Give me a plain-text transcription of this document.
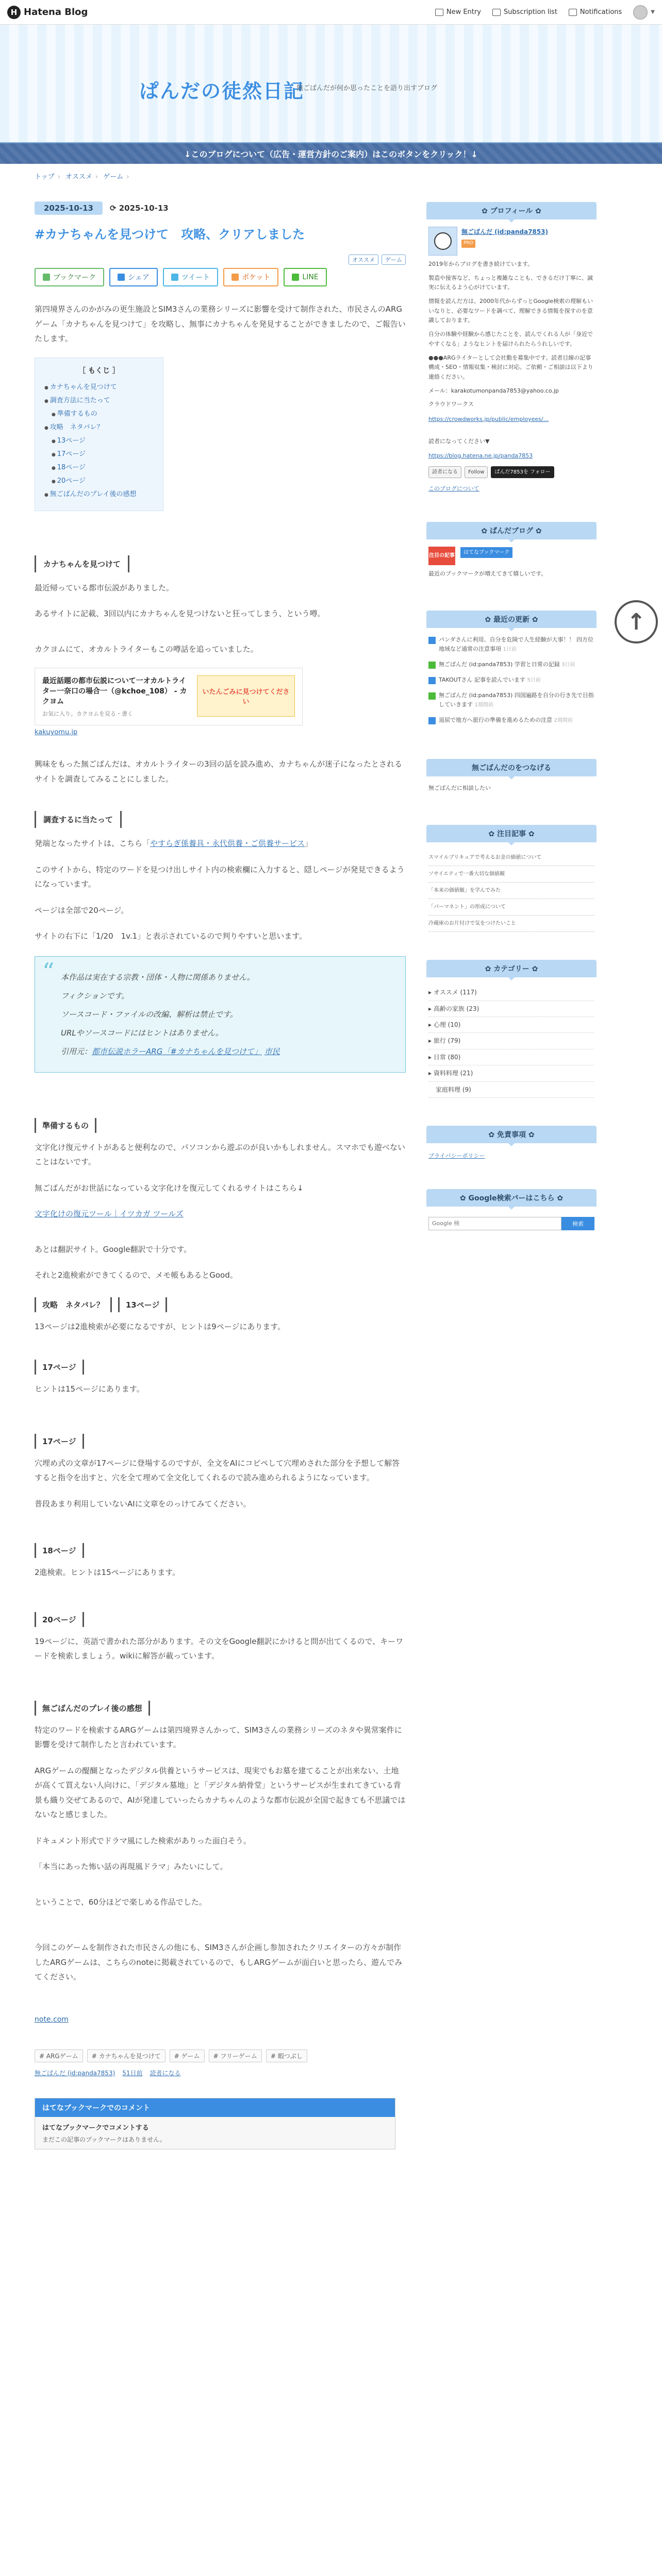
H Hatena Blog	New Entry	Subscription list	Notifications	▼
ぱんだの徒然日記
無ごばんだが何か思ったことを語り出すブログ
↓このブログについて（広告・運営方針のご案内）はこのボタンをクリック！↓
トップ › オススメ › ゲーム ›
2025-10-13	⟳ 2025-10-13
#カナちゃんを見つけて　攻略、クリアしました
オススメ	ゲーム
ブックマーク	シェア	ツイート	ポケット	LINE

第四境界さんのかがみの更生施設とSIM3さんの業務シリーズに影響を受けて制作された、市民さんのARGゲーム「カナちゃんを見つけて」を攻略し、無事にカナちゃんを発見することができましたので、ご報告いたします。

［ もくじ ］
● カナちゃんを見つけて
● 調査方法に当たって
● 準備するもの
● 攻略　ネタバレ？
● 13ページ
● 17ページ
● 18ページ
● 20ページ
● 無ごばんだのプレイ後の感想
カナちゃんを見つけて

最近帰っている都市伝説がありました。

あるサイトに記載、3回以内にカナちゃんを見つけないと狂ってしまう、という噂。

カクヨムにて、オカルトライターもこの噂話を追っていました。

最近話題の都市伝説について一オカルトライター一奈口の場合一（@kchoe_108） - カクヨム
お気に入り。カクヨムを見る・書く
いたんごみに見つけてください
kakuyomu.jp

興味をもった無ごばんだは、オカルトライターの3回の話を読み進め、カナちゃんが迷子になったとされるサイトを調査してみることにしました。

調査するに当たって

発端となったサイトは、こちら「やすらぎ係養具・永代供養・ご供養サービス」

このサイトから、特定のワードを見つけ出しサイト内の検索欄に入力すると、隠しページが発見できるようになっています。

ページは全部で20ページ。

サイトの右下に「1/20　1v.1」と表示されているので判りやすいと思います。

“ 本作品は実在する宗教・団体・人物に関係ありません。

フィクションです。

ソースコード・ファイルの改編、解析は禁止です。

URLやソースコードにはヒントはありません。

引用元：都市伝説ホラーARG「#カナちゃんを見つけて」 市民

準備するもの

文字化け復元サイトがあると便利なので、パソコンから遊ぶのが良いかもしれません。スマホでも遊べないことはないです。

無ごばんだがお世話になっている文字化けを復元してくれるサイトはこちら↓

文字化けの復元ツール｜イツカガ ツールズ

あとは翻訳サイト。Google翻訳で十分です。

それと2進検索ができてくるので、メモ帳もあるとGood。

攻略　ネタバレ？	13ページ

13ページは2進検索が必要になるですが、ヒントは9ページにあります。

17ページ

ヒントは15ページにあります。

17ページ

穴埋め式の文章が17ページに登場するのですが、全文をAIにコピペして穴埋めされた部分を予想して解答すると指令を出すと、穴を全て埋めて全文化してくれるので読み進められるようになっています。

普段あまり利用していないAIに文章をのっけてみてください。

18ページ

2進検索。ヒントは15ページにあります。

20ページ

19ページに、英語で書かれた部分があります。その文をGoogle翻訳にかけると問が出てくるので、キーワードを検索しましょう。wikiに解答が載っています。

無ごばんだのプレイ後の感想

特定のワードを検索するARGゲームは第四境界さんかって、SIM3さんの業務シリーズのネタや異常案件に影響を受けて制作したと言われています。

ARGゲームの醍醐となったデジタル供養というサービスは、現実でもお墓を建てることが出来ない、土地が高くて買えない人向けに、「デジタル墓地」と「デジタル納骨堂」というサービスが生まれてきている背景も織り交ぜてあるので、AIが発達していったらカナちゃんのような都市伝説が全国で起きても不思議ではないなと感じました。

ドキュメント形式でドラマ風にした検索がありった面白そう。

「本当にあった怖い話の再現風ドラマ」みたいにして。

ということで、60分ほどで楽しめる作品でした。

今回このゲームを制作された市民さんの他にも、SIM3さんが企画し参加されたクリエイターの方々が制作したARGゲームは、こちらのnoteに掲載されているので、もしARGゲームが面白いと思ったら、遊んでみてください。

note.com
# ARGゲーム	# カナちゃんを見つけて	# ゲーム	# フリーゲーム	# 暇つぶし
無ごばんだ (id:panda7853) 51日前 読者になる
はてなブックマークでのコメント
はてなブックマークでコメントする
まだこの記事のブックマークはありません。
✿ プロフィール ✿
無ごばんだ (id:panda7853)
PRO

2019年からブログを書き続けています。

製造や接客など、ちょっと複雑なことも、できるだけ丁寧に、誠実に伝えるよう心がけています。

情報を読んだ方は、2000年代からずっとGoogle検索の理解もいいなりと、必要なワードを調べて、理解できる情報を探すのを意識しております。

自分の体験や経験から感じたことを、読んでくれる人が「身近でやすくなる」ようなヒントを届けられたらうれしいです。

●●●ARGライターとして会社勤を募集中です。読者目線の記事構成・SEO・情報収集・検討に対応。ご依頼・ご相談は以下より連絡ください。

メール：karakotumonpanda7853@yahoo.co.jp

クラウドワークス

https://crowdworks.jp/public/employees/...

読者になってください▼

https://blog.hatena.ne.jp/panda7853
読者になる	Follow	ぱんだ7853を フォロー
このブログについて
✿ ぱんだブログ ✿
注目の記事
はてなブックマーク

最近のブックマークが増えてきて嬉しいです。

✿ 最近の更新 ✿
パンダさんに利用、自分を危険で人生経験が大事！！ 四方位地域など通常の注意事項 1日前
無ごばんだ (id:panda7853) 学習と日常の記録 3日前
TAKOUTさん 記事を読んでいます 5日前
無ごばんだ (id:panda7853) 四国遍路を自分の行き先で目指していきます 1週間前
退屈で地方へ旅行の準備を進めるための注意 2週間前
無ごばんだのをつなげる

無ごばんだに相談したい

✿ 注目記事 ✿
スマイルプリキュアで考えるお金の価値について
ソサイエティで一番大切な価値観
「本来の価値観」を学んでみた
「パーマネント」の形成について
冷蔵庫のお片付けで気をつけたいこと
✿ カテゴリー ✿
▸ オススメ (117)
▸ 高齢の家族 (23)
▸ 心理 (10)
▸ 旅行 (79)
▸ 日常 (80)
▸ 資料料理 (21)
家庭料理 (9)
✿ 免責事項 ✿
プライバシーポリシー
✿ Google検索バーはこちら ✿
Google 検
検索
↑
